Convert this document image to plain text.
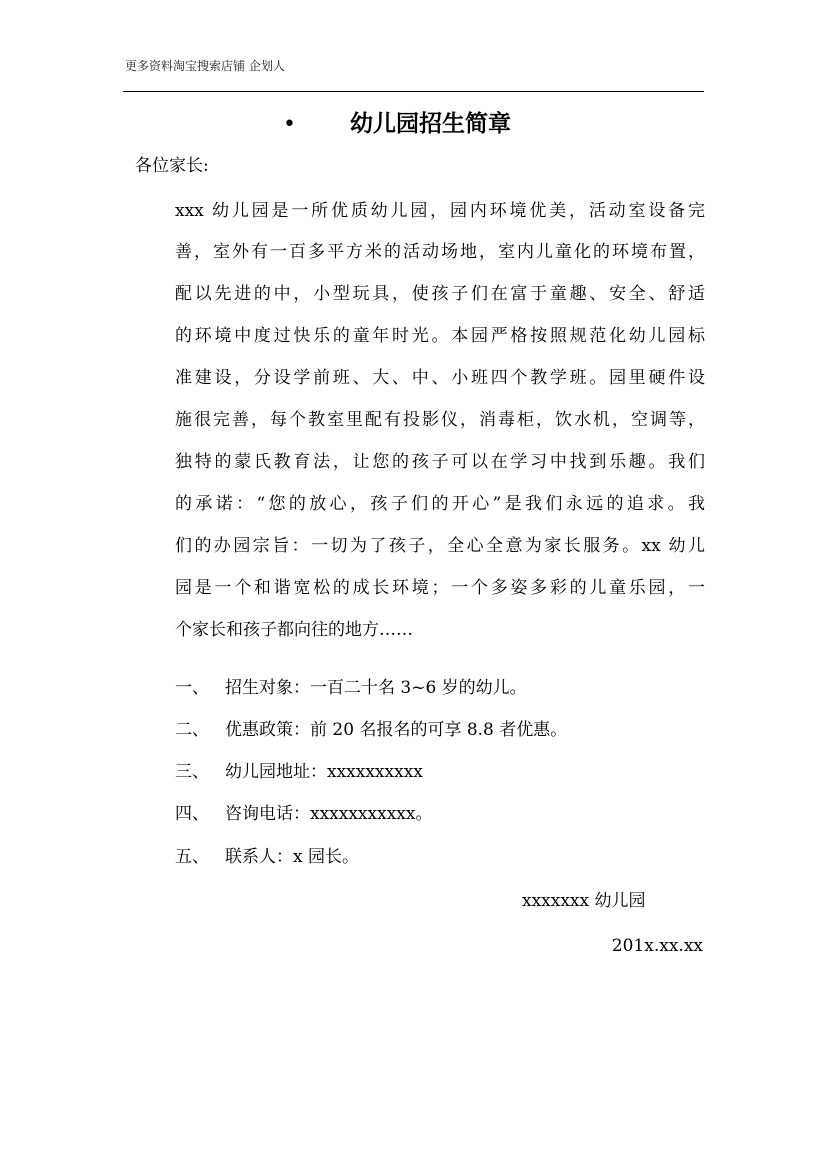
更多资料淘宝搜索店铺 企划人
• 幼儿园招生简章
各位家长:
xxx 幼儿园是一所优质幼儿园，园内环境优美，活动室设备完
善，室外有一百多平方米的活动场地，室内儿童化的环境布置，
配以先进的中，小型玩具，使孩子们在富于童趣、安全、舒适
的环境中度过快乐的童年时光。本园严格按照规范化幼儿园标
准建设，分设学前班、大、中、小班四个教学班。园里硬件设
施很完善，每个教室里配有投影仪，消毒柜，饮水机，空调等，
独特的蒙氏教育法，让您的孩子可以在学习中找到乐趣。我们
的承诺：“您的放心，孩子们的开心”是我们永远的追求。我
们的办园宗旨：一切为了孩子，全心全意为家长服务。xx 幼儿
园是一个和谐宽松的成长环境；一个多姿多彩的儿童乐园，一
个家长和孩子都向往的地方……
一、 招生对象：一百二十名 3~6 岁的幼儿。
二、 优惠政策：前 20 名报名的可享 8.8 者优惠。
三、 幼儿园地址：xxxxxxxxxx
四、 咨询电话：xxxxxxxxxxx。
五、 联系人：x 园长。
xxxxxxx 幼儿园
201x.xx.xx
